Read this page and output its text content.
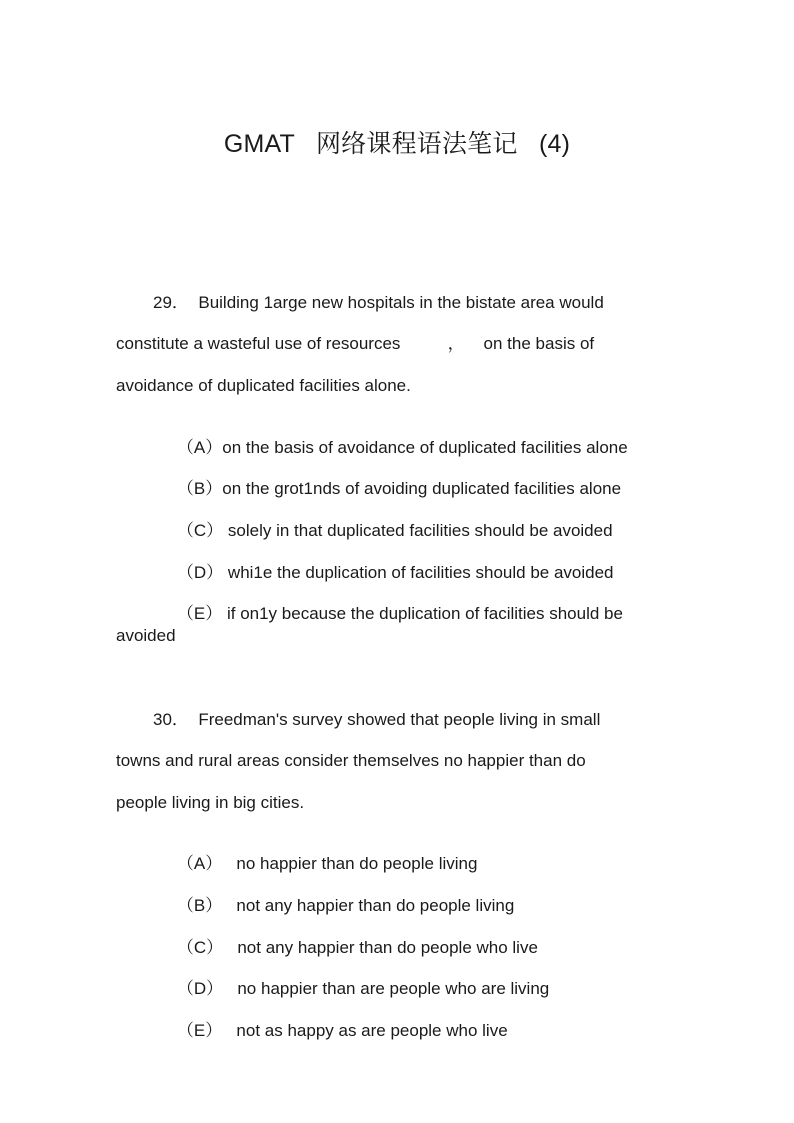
GMAT   网络课程语法笔记   (4)
29．  Building 1arge new hospitals in the bistate area would
constitute a wasteful use of resources          ，    on the basis of
avoidance of duplicated facilities alone.

（A）on the basis of avoidance of duplicated facilities alone

（B）on the grot1nds of avoiding duplicated facilities alone

（C） solely in that duplicated facilities should be avoided

（D） whi1e the duplication of facilities should be avoided

（E） if on1y because the duplication of facilities should be

avoided
30．  Freedman's survey showed that people living in small
towns and rural areas consider themselves no happier than do
people living in big cities.

（A）   no happier than do people living

（B）   not any happier than do people living

（C）   not any happier than do people who live

（D）   no happier than are people who are living

（E）   not as happy as are people who live
